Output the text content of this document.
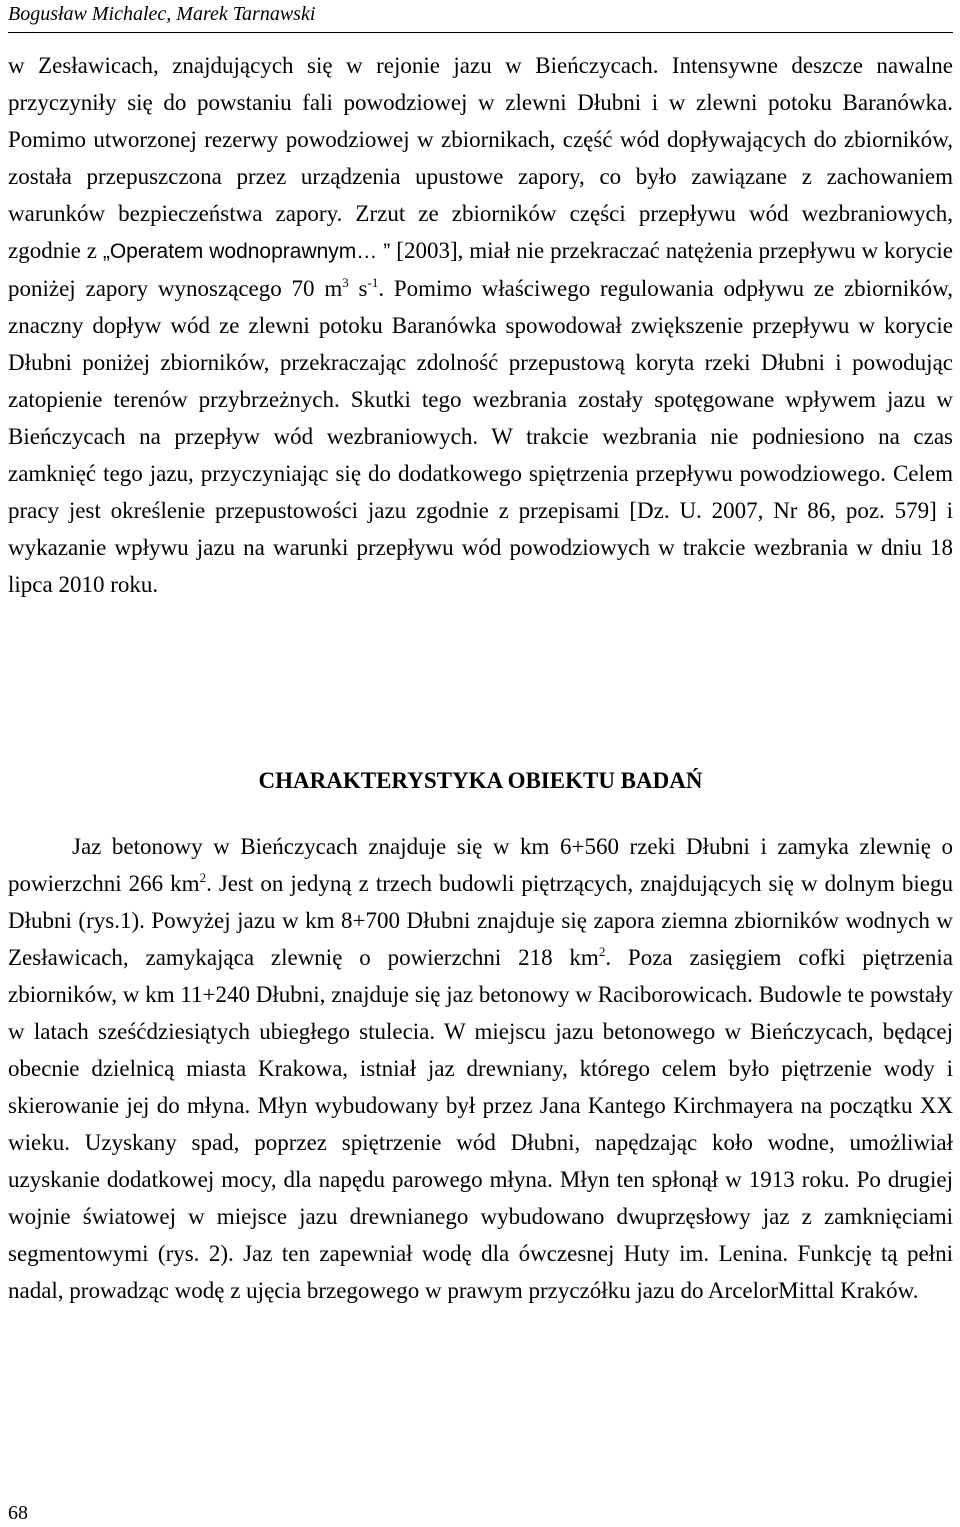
Bogusław Michalec, Marek Tarnawski

w Zesławicach, znajdujących się w rejonie jazu w Bieńczycach. Intensywne deszcze nawalne przyczyniły się do powstaniu fali powodziowej w zlewni Dłubni i w zlewni potoku Baranówka. Pomimo utworzonej rezerwy powodziowej w zbiornikach, część wód dopływających do zbiorników, została przepuszczona przez urządzenia upustowe zapory, co było zawiązane z zachowaniem warunków bezpieczeństwa zapory. Zrzut ze zbiorników części przepływu wód wezbraniowych, zgodnie z „Operatem wodnoprawnym… ” [2003], miał nie przekraczać natężenia przepływu w korycie poniżej zapory wynoszącego 70 $m^3$ $s^{-1}$. Pomimo właściwego regulowania odpływu ze zbiorników, znaczny dopływ wód ze zlewni potoku Baranówka spowodował zwiększenie przepływu w korycie Dłubni poniżej zbiorników, przekraczając zdolność przepustową koryta rzeki Dłubni i powodując zatopienie terenów przybrzeżnych. Skutki tego wezbrania zostały spotęgowane wpływem jazu w Bieńczycach na przepływ wód wezbraniowych. W trakcie wezbrania nie podniesiono na czas zamknięć tego jazu, przyczyniając się do dodatkowego spiętrzenia przepływu powodziowego. Celem pracy jest określenie przepustowości jazu zgodnie z przepisami [Dz. U. 2007, Nr 86, poz. 579] i wykazanie wpływu jazu na warunki przepływu wód powodziowych w trakcie wezbrania w dniu 18 lipca 2010 roku.

CHARAKTERYSTYKA OBIEKTU BADAŃ

Jaz betonowy w Bieńczycach znajduje się w km 6+560 rzeki Dłubni i zamyka zlewnię o powierzchni 266 $km^2$. Jest on jedyną z trzech budowli piętrzących, znajdujących się w dolnym biegu Dłubni (rys.1). Powyżej jazu w km 8+700 Dłubni znajduje się zapora ziemna zbiorników wodnych w Zesławicach, zamykająca zlewnię o powierzchni 218 $km^2$. Poza zasięgiem cofki piętrzenia zbiorników, w km 11+240 Dłubni, znajduje się jaz betonowy w Raciborowicach. Budowle te powstały w latach sześćdziesiątych ubiegłego stulecia. W miejscu jazu betonowego w Bieńczycach, będącej obecnie dzielnicą miasta Krakowa, istniał jaz drewniany, którego celem było piętrzenie wody i skierowanie jej do młyna. Młyn wybudowany był przez Jana Kantego Kirchmayera na początku XX wieku. Uzyskany spad, poprzez spiętrzenie wód Dłubni, napędzając koło wodne, umożliwiał uzyskanie dodatkowej mocy, dla napędu parowego młyna. Młyn ten spłonął w 1913 roku. Po drugiej wojnie światowej w miejsce jazu drewnianego wybudowano dwuprzęsłowy jaz z zamknięciami segmentowymi (rys. 2). Jaz ten zapewniał wodę dla ówczesnej Huty im. Lenina. Funkcję tą pełni nadal, prowadząc wodę z ujęcia brzegowego w prawym przyczółku jazu do ArcelorMittal Kraków.

68
